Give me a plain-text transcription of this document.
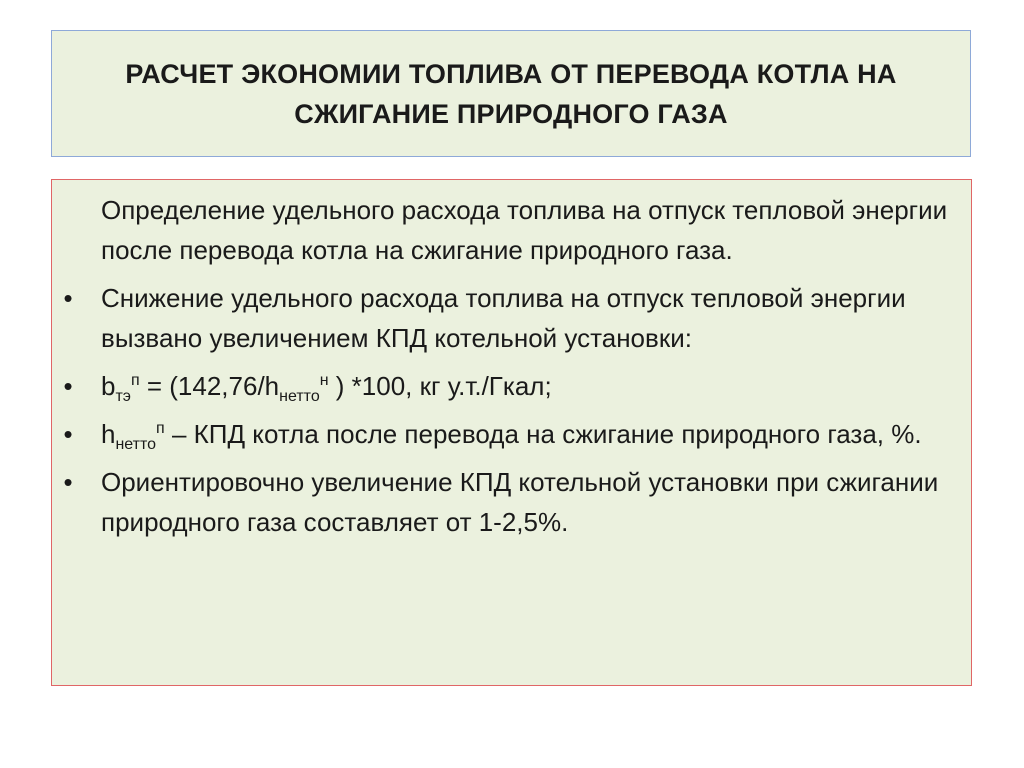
РАСЧЕТ ЭКОНОМИИ ТОПЛИВА ОТ ПЕРЕВОДА КОТЛА НА
СЖИГАНИЕ ПРИРОДНОГО ГАЗА
Определение удельного расхода топлива на отпуск тепловой энергии после перевода котла на сжигание природного газа.
• Снижение удельного расхода топлива на отпуск тепловой энергии вызвано увеличением КПД котельной установки:
• $b_{тэ}^п = (142,76/h_{нетто}^н$ ) *100, кг у.т./Гкал;
• $h_{нетто}^п$ – КПД котла после перевода на сжигание природного газа, %.
• Ориентировочно увеличение КПД котельной установки при сжигании природного газа составляет от 1-2,5%.
